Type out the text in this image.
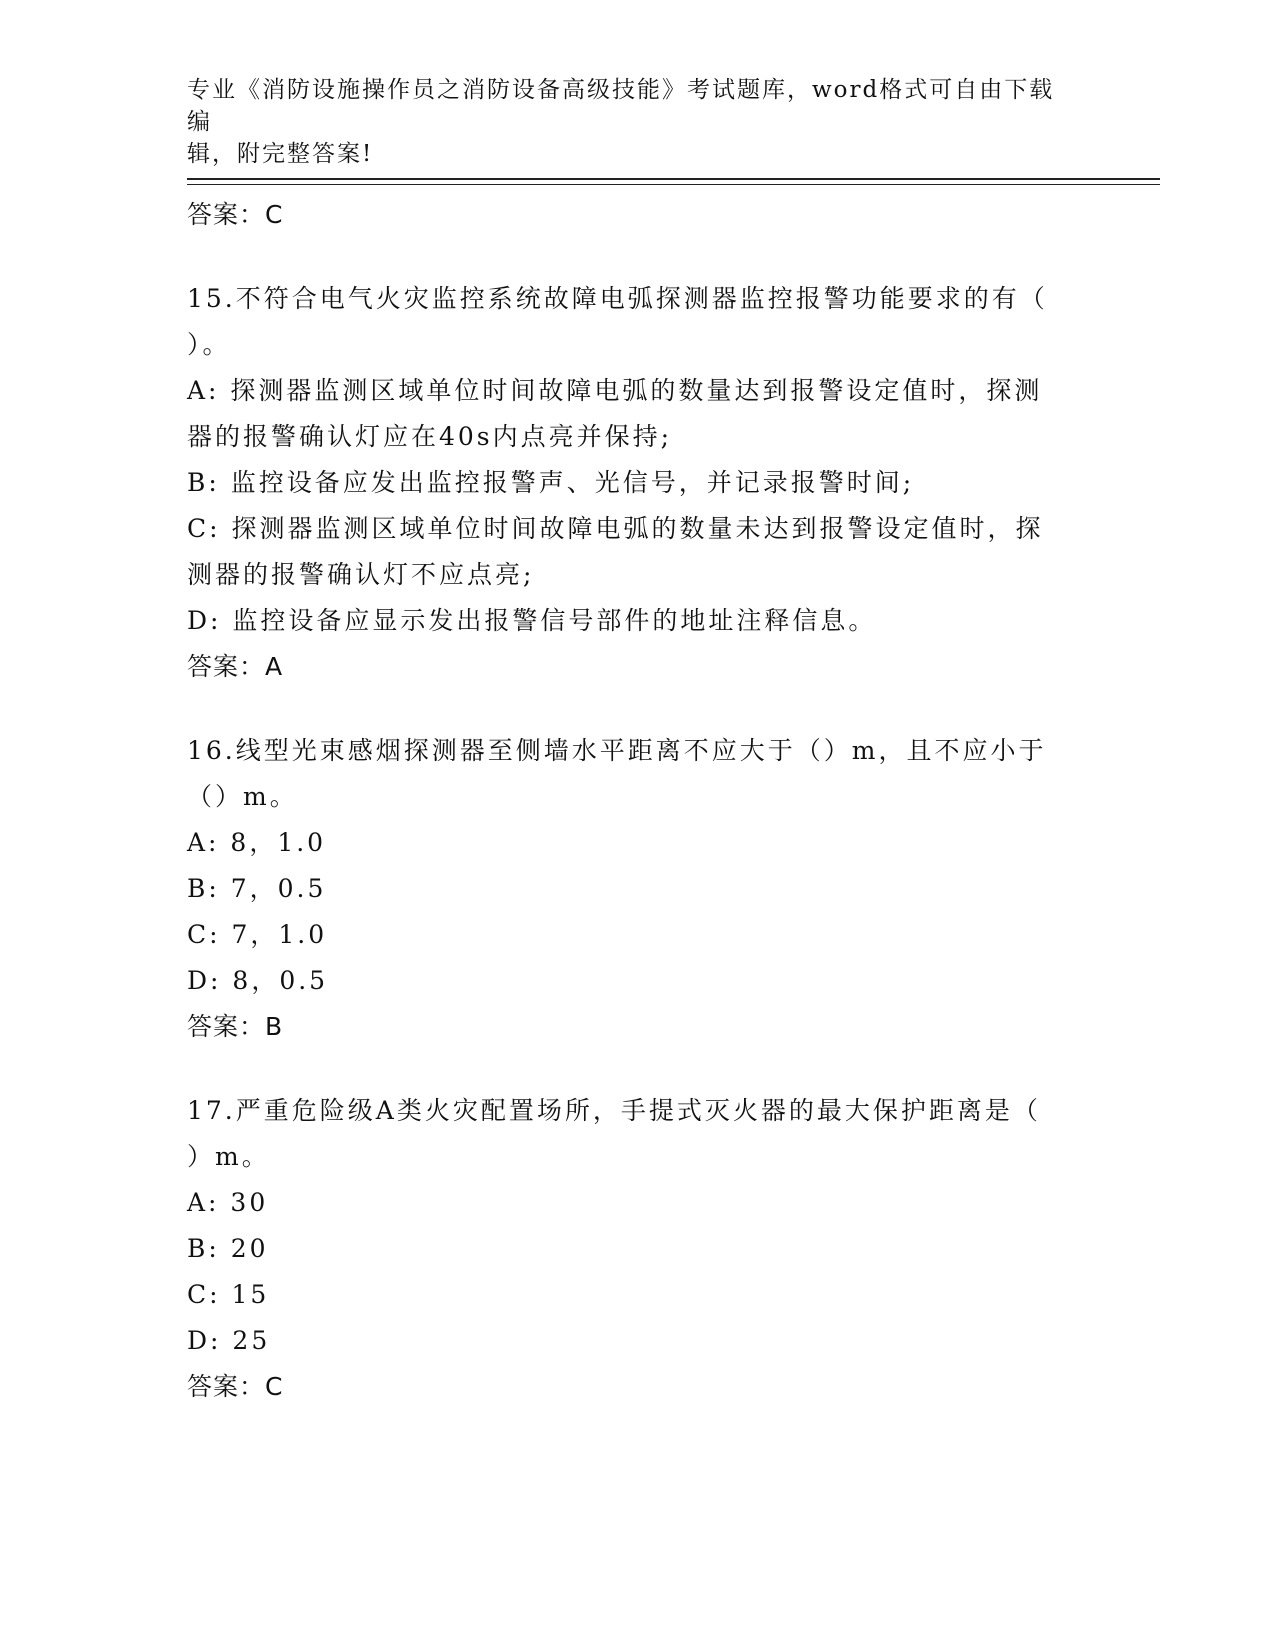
专业《消防设施操作员之消防设备高级技能》考试题库，word格式可自由下载编
辑，附完整答案!
答案：C
15.不符合电气火灾监控系统故障电弧探测器监控报警功能要求的有（
）。
A: 探测器监测区域单位时间故障电弧的数量达到报警设定值时，探测
器的报警确认灯应在40s内点亮并保持;
B: 监控设备应发出监控报警声、光信号，并记录报警时间;
C: 探测器监测区域单位时间故障电弧的数量未达到报警设定值时，探
测器的报警确认灯不应点亮;
D: 监控设备应显示发出报警信号部件的地址注释信息。
答案：A
16.线型光束感烟探测器至侧墙水平距离不应大于（）m，且不应小于
（）m。
A: 8，1.0
B: 7，0.5
C: 7，1.0
D: 8，0.5
答案：B
17.严重危险级A类火灾配置场所，手提式灭火器的最大保护距离是（
）m。
A: 30
B: 20
C: 15
D: 25
答案：C
